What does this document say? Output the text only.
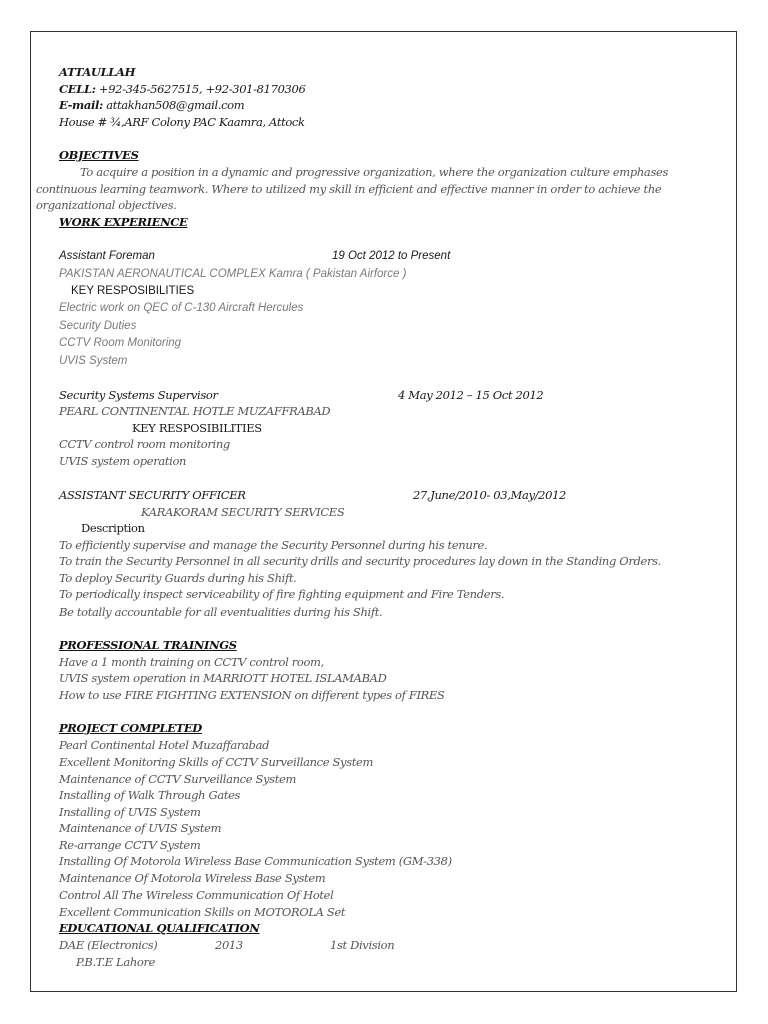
ATTAULLAH
CELL: +92-345-5627515, +92-301-8170306
E-mail: attakhan508@gmail.com
House # ¾,ARF Colony PAC Kaamra, Attock
OBJECTIVES
To acquire a position in a dynamic and progressive organization, where the organization culture emphases continuous learning teamwork. Where to utilized my skill in efficient and effective manner in order to achieve the organizational objectives.
WORK EXPERIENCE
Assistant Foreman	19 Oct 2012 to Present
PAKISTAN AERONAUTICAL COMPLEX Kamra ( Pakistan Airforce )
KEY RESPOSIBILITIES
Electric work on QEC of C-130 Aircraft Hercules
Security Duties
CCTV Room Monitoring
UVIS System
Security Systems Supervisor	4 May 2012 – 15 Oct 2012
PEARL CONTINENTAL HOTLE MUZAFFRABAD
KEY RESPOSIBILITIES
CCTV control room monitoring
UVIS system operation
ASSISTANT SECURITY OFFICER	27,June/2010- 03,May/2012
KARAKORAM SECURITY SERVICES
Description
To efficiently supervise and manage the Security Personnel during his tenure.
To train the Security Personnel in all security drills and security procedures lay down in the Standing Orders.
To deploy Security Guards during his Shift.
To periodically inspect serviceability of fire fighting equipment and Fire Tenders.
Be totally accountable for all eventualities during his Shift.
PROFESSIONAL TRAININGS
Have a 1 month training on CCTV control room,
UVIS system operation in MARRIOTT HOTEL ISLAMABAD
How to use FIRE FIGHTING EXTENSION on different types of FIRES
PROJECT COMPLETED
Pearl Continental Hotel Muzaffarabad
Excellent Monitoring Skills of CCTV Surveillance System
Maintenance of CCTV Surveillance System
Installing of Walk Through Gates
Installing of UVIS System
Maintenance of UVIS System
Re-arrange CCTV System
Installing Of Motorola Wireless Base Communication System (GM-338)
Maintenance Of Motorola Wireless Base System
Control All The Wireless Communication Of Hotel
Excellent Communication Skills on MOTOROLA Set
EDUCATIONAL QUALIFICATION
DAE (Electronics)	2013	1st Division
P.B.T.E Lahore
